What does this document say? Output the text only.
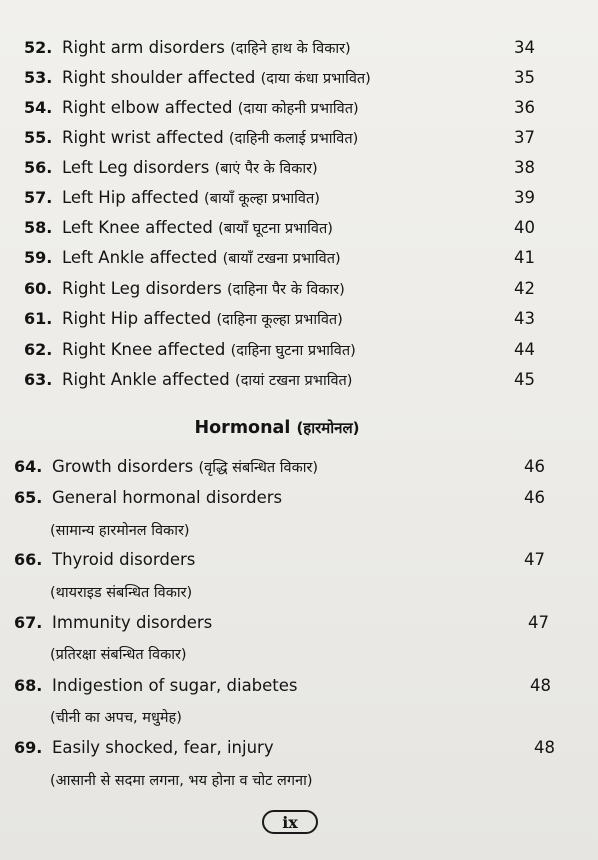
52. Right arm disorders (दाहिने हाथ के विकार)	34
53. Right shoulder affected (दाया कंधा प्रभावित)	35
54. Right elbow affected (दाया कोहनी प्रभावित)	36
55. Right wrist affected (दाहिनी कलाई प्रभावित)	37
56. Left Leg disorders (बाएं पैर के विकार)	38
57. Left Hip affected (बायाँ कूल्हा प्रभावित)	39
58. Left Knee affected (बायाँ घूटना प्रभावित)	40
59. Left Ankle affected (बायाँ टखना प्रभावित)	41
60. Right Leg disorders (दाहिना पैर के विकार)	42
61. Right Hip affected (दाहिना कूल्हा प्रभावित)	43
62. Right Knee affected (दाहिना घुटना प्रभावित)	44
63. Right Ankle affected (दायां टखना प्रभावित)	45
Hormonal (हारमोनल)
64. Growth disorders (वृद्धि संबन्धित विकार)	46
65. General hormonal disorders	46
(सामान्य हारमोनल विकार)
66. Thyroid disorders	47
(थायराइड संबन्धित विकार)
67. Immunity disorders	47
(प्रतिरक्षा संबन्धित विकार)
68. Indigestion of sugar, diabetes	48
(चीनी का अपच, मधुमेह)
69. Easily shocked, fear, injury	48
(आसानी से सदमा लगना, भय होना व चोट लगना)
ix
